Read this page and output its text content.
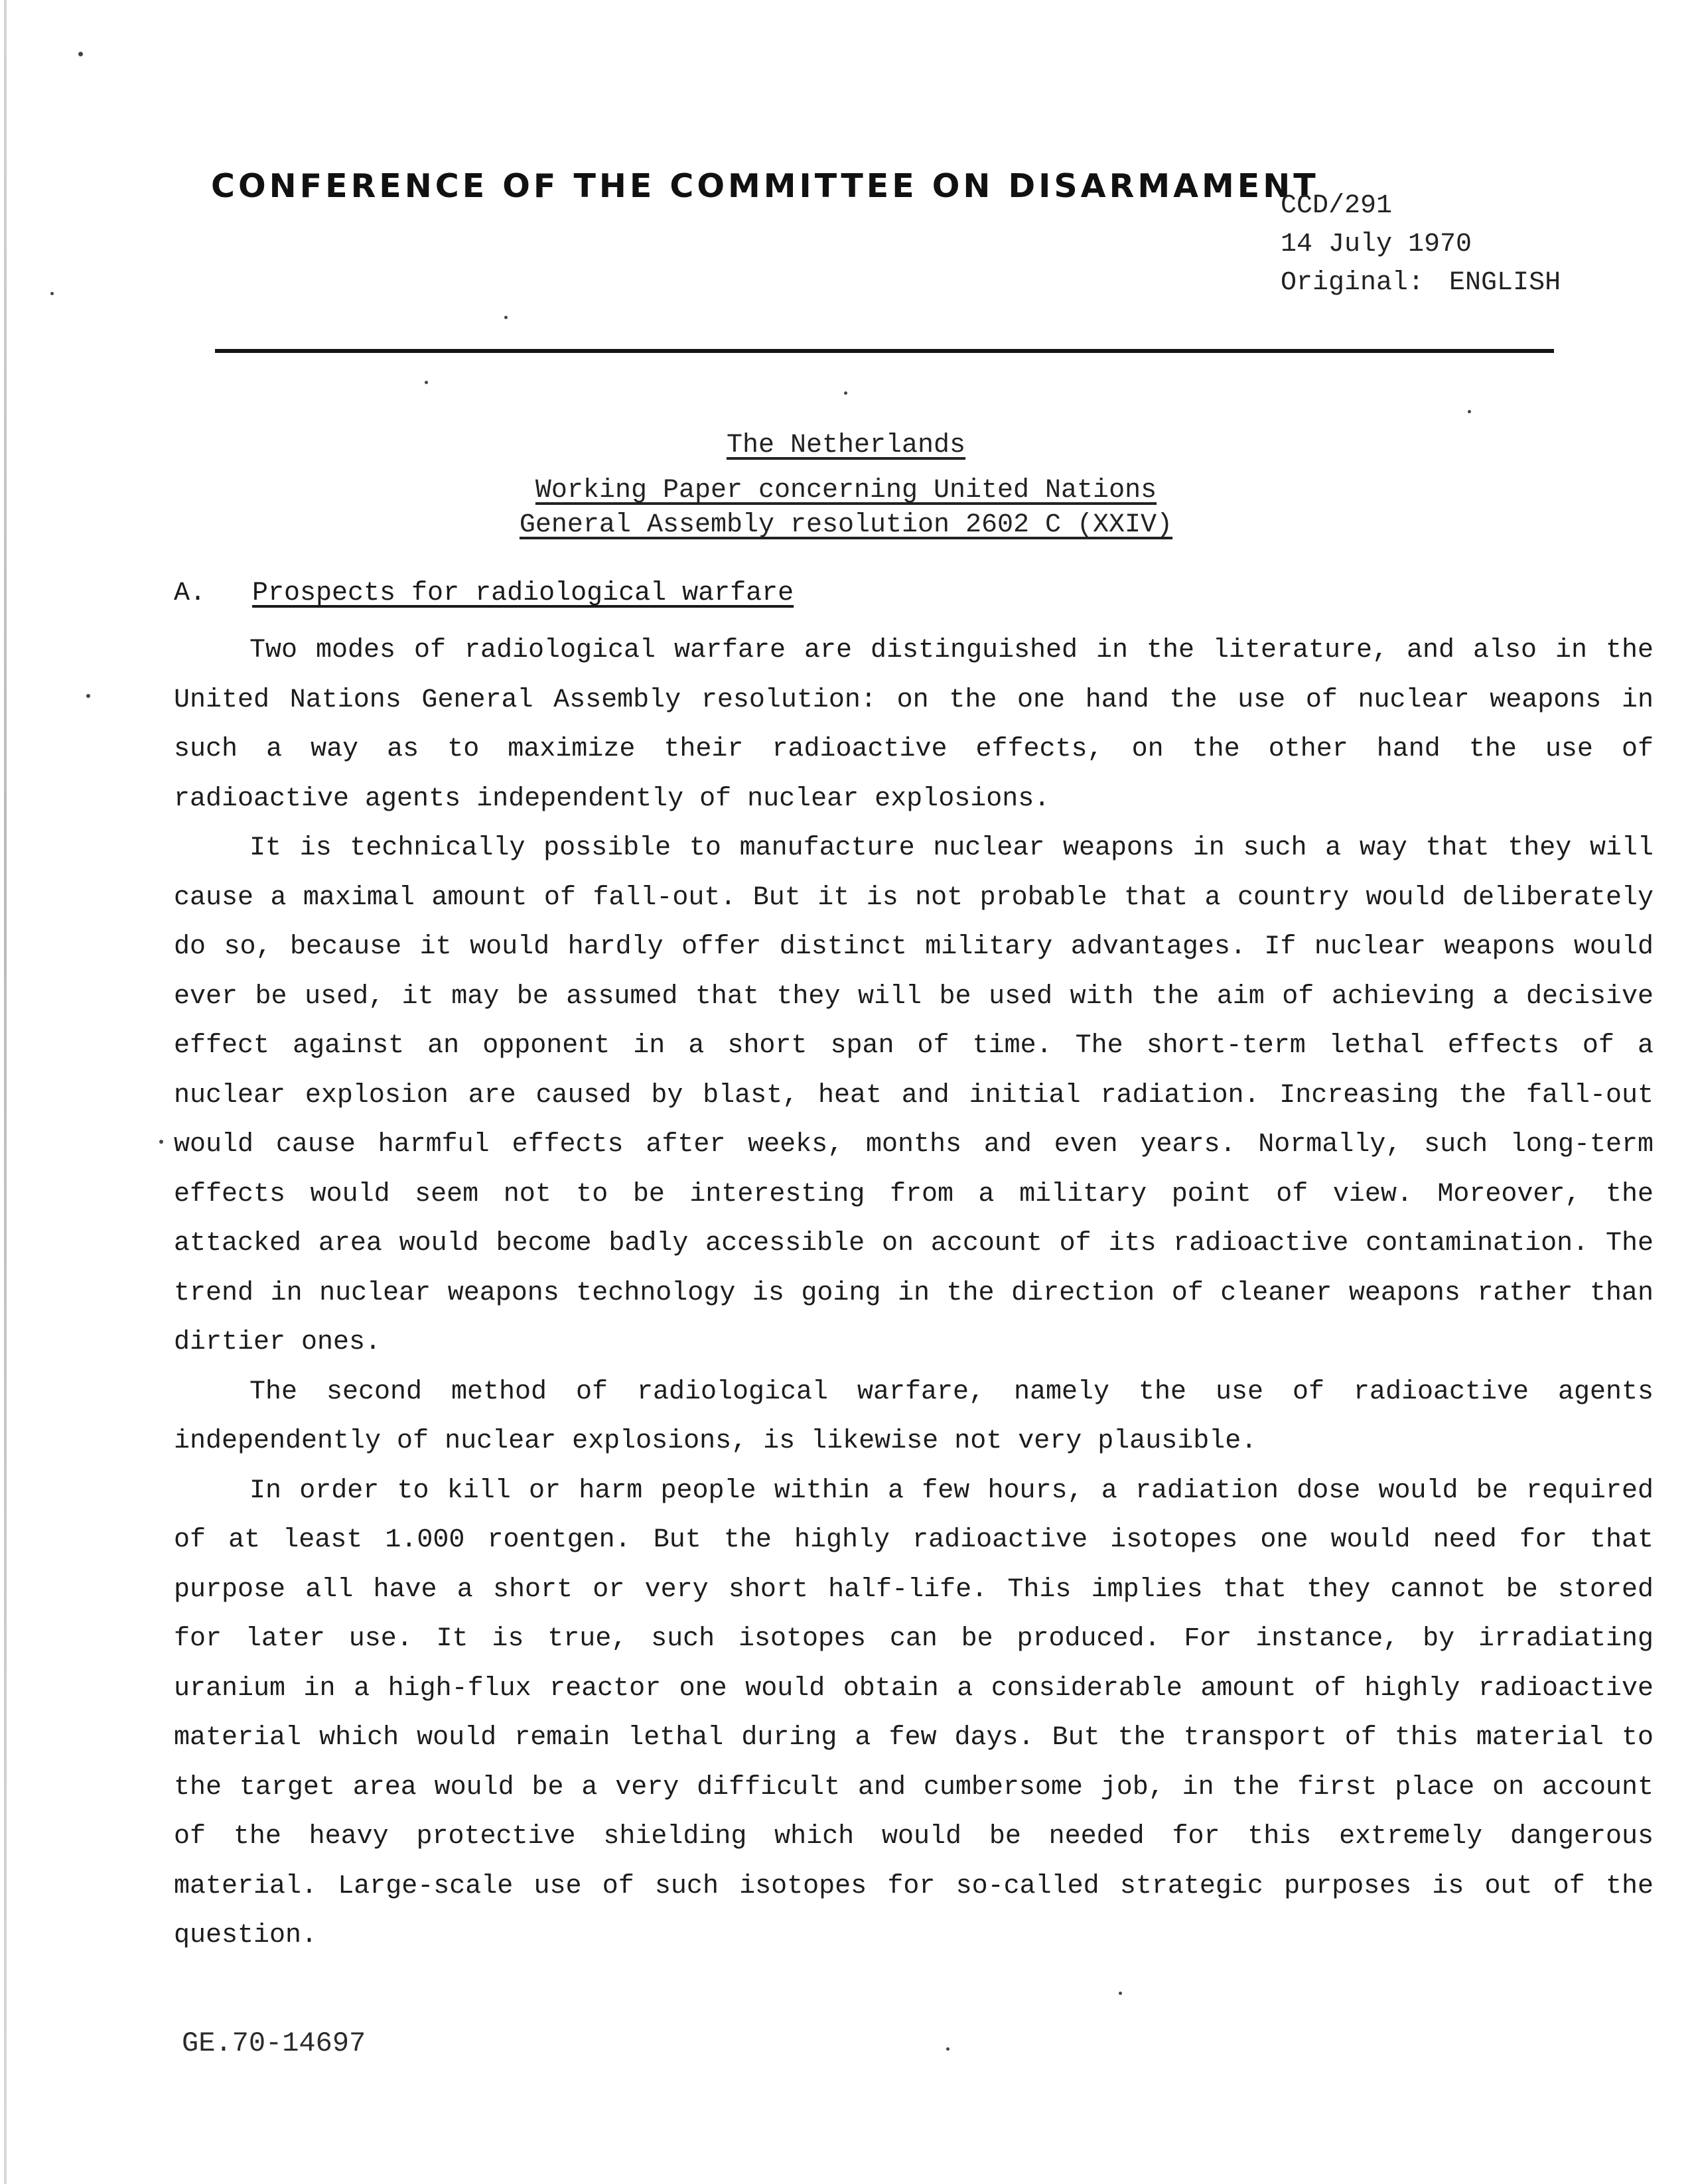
CONFERENCE OF THE COMMITTEE ON DISARMAMENT
CCD/291
14 July 1970
Original: ENGLISH
The Netherlands
Working Paper concerning United Nations
General Assembly resolution 2602 C (XXIV)
A. Prospects for radiological warfare

Two modes of radiological warfare are distinguished in the literature, and also in the United Nations General Assembly resolution: on the one hand the use of nuclear weapons in such a way as to maximize their radioactive effects, on the other hand the use of radioactive agents independently of nuclear explosions.

It is technically possible to manufacture nuclear weapons in such a way that they will cause a maximal amount of fall-out. But it is not probable that a country would deliberately do so, because it would hardly offer distinct military advantages. If nuclear weapons would ever be used, it may be assumed that they will be used with the aim of achieving a decisive effect against an opponent in a short span of time. The short-term lethal effects of a nuclear explosion are caused by blast, heat and initial radiation. Increasing the fall-out would cause harmful effects after weeks, months and even years. Normally, such long-term effects would seem not to be interesting from a military point of view. Moreover, the attacked area would become badly accessible on account of its radioactive contamination. The trend in nuclear weapons technology is going in the direction of cleaner weapons rather than dirtier ones.

The second method of radiological warfare, namely the use of radioactive agents independently of nuclear explosions, is likewise not very plausible.

In order to kill or harm people within a few hours, a radiation dose would be required of at least 1.000 roentgen. But the highly radioactive isotopes one would need for that purpose all have a short or very short half-life. This implies that they cannot be stored for later use. It is true, such isotopes can be produced. For instance, by irradiating uranium in a high-flux reactor one would obtain a considerable amount of highly radioactive material which would remain lethal during a few days. But the transport of this material to the target area would be a very difficult and cumbersome job, in the first place on account of the heavy protective shielding which would be needed for this extremely dangerous material. Large-scale use of such isotopes for so-called strategic purposes is out of the question.

GE.70-14697
